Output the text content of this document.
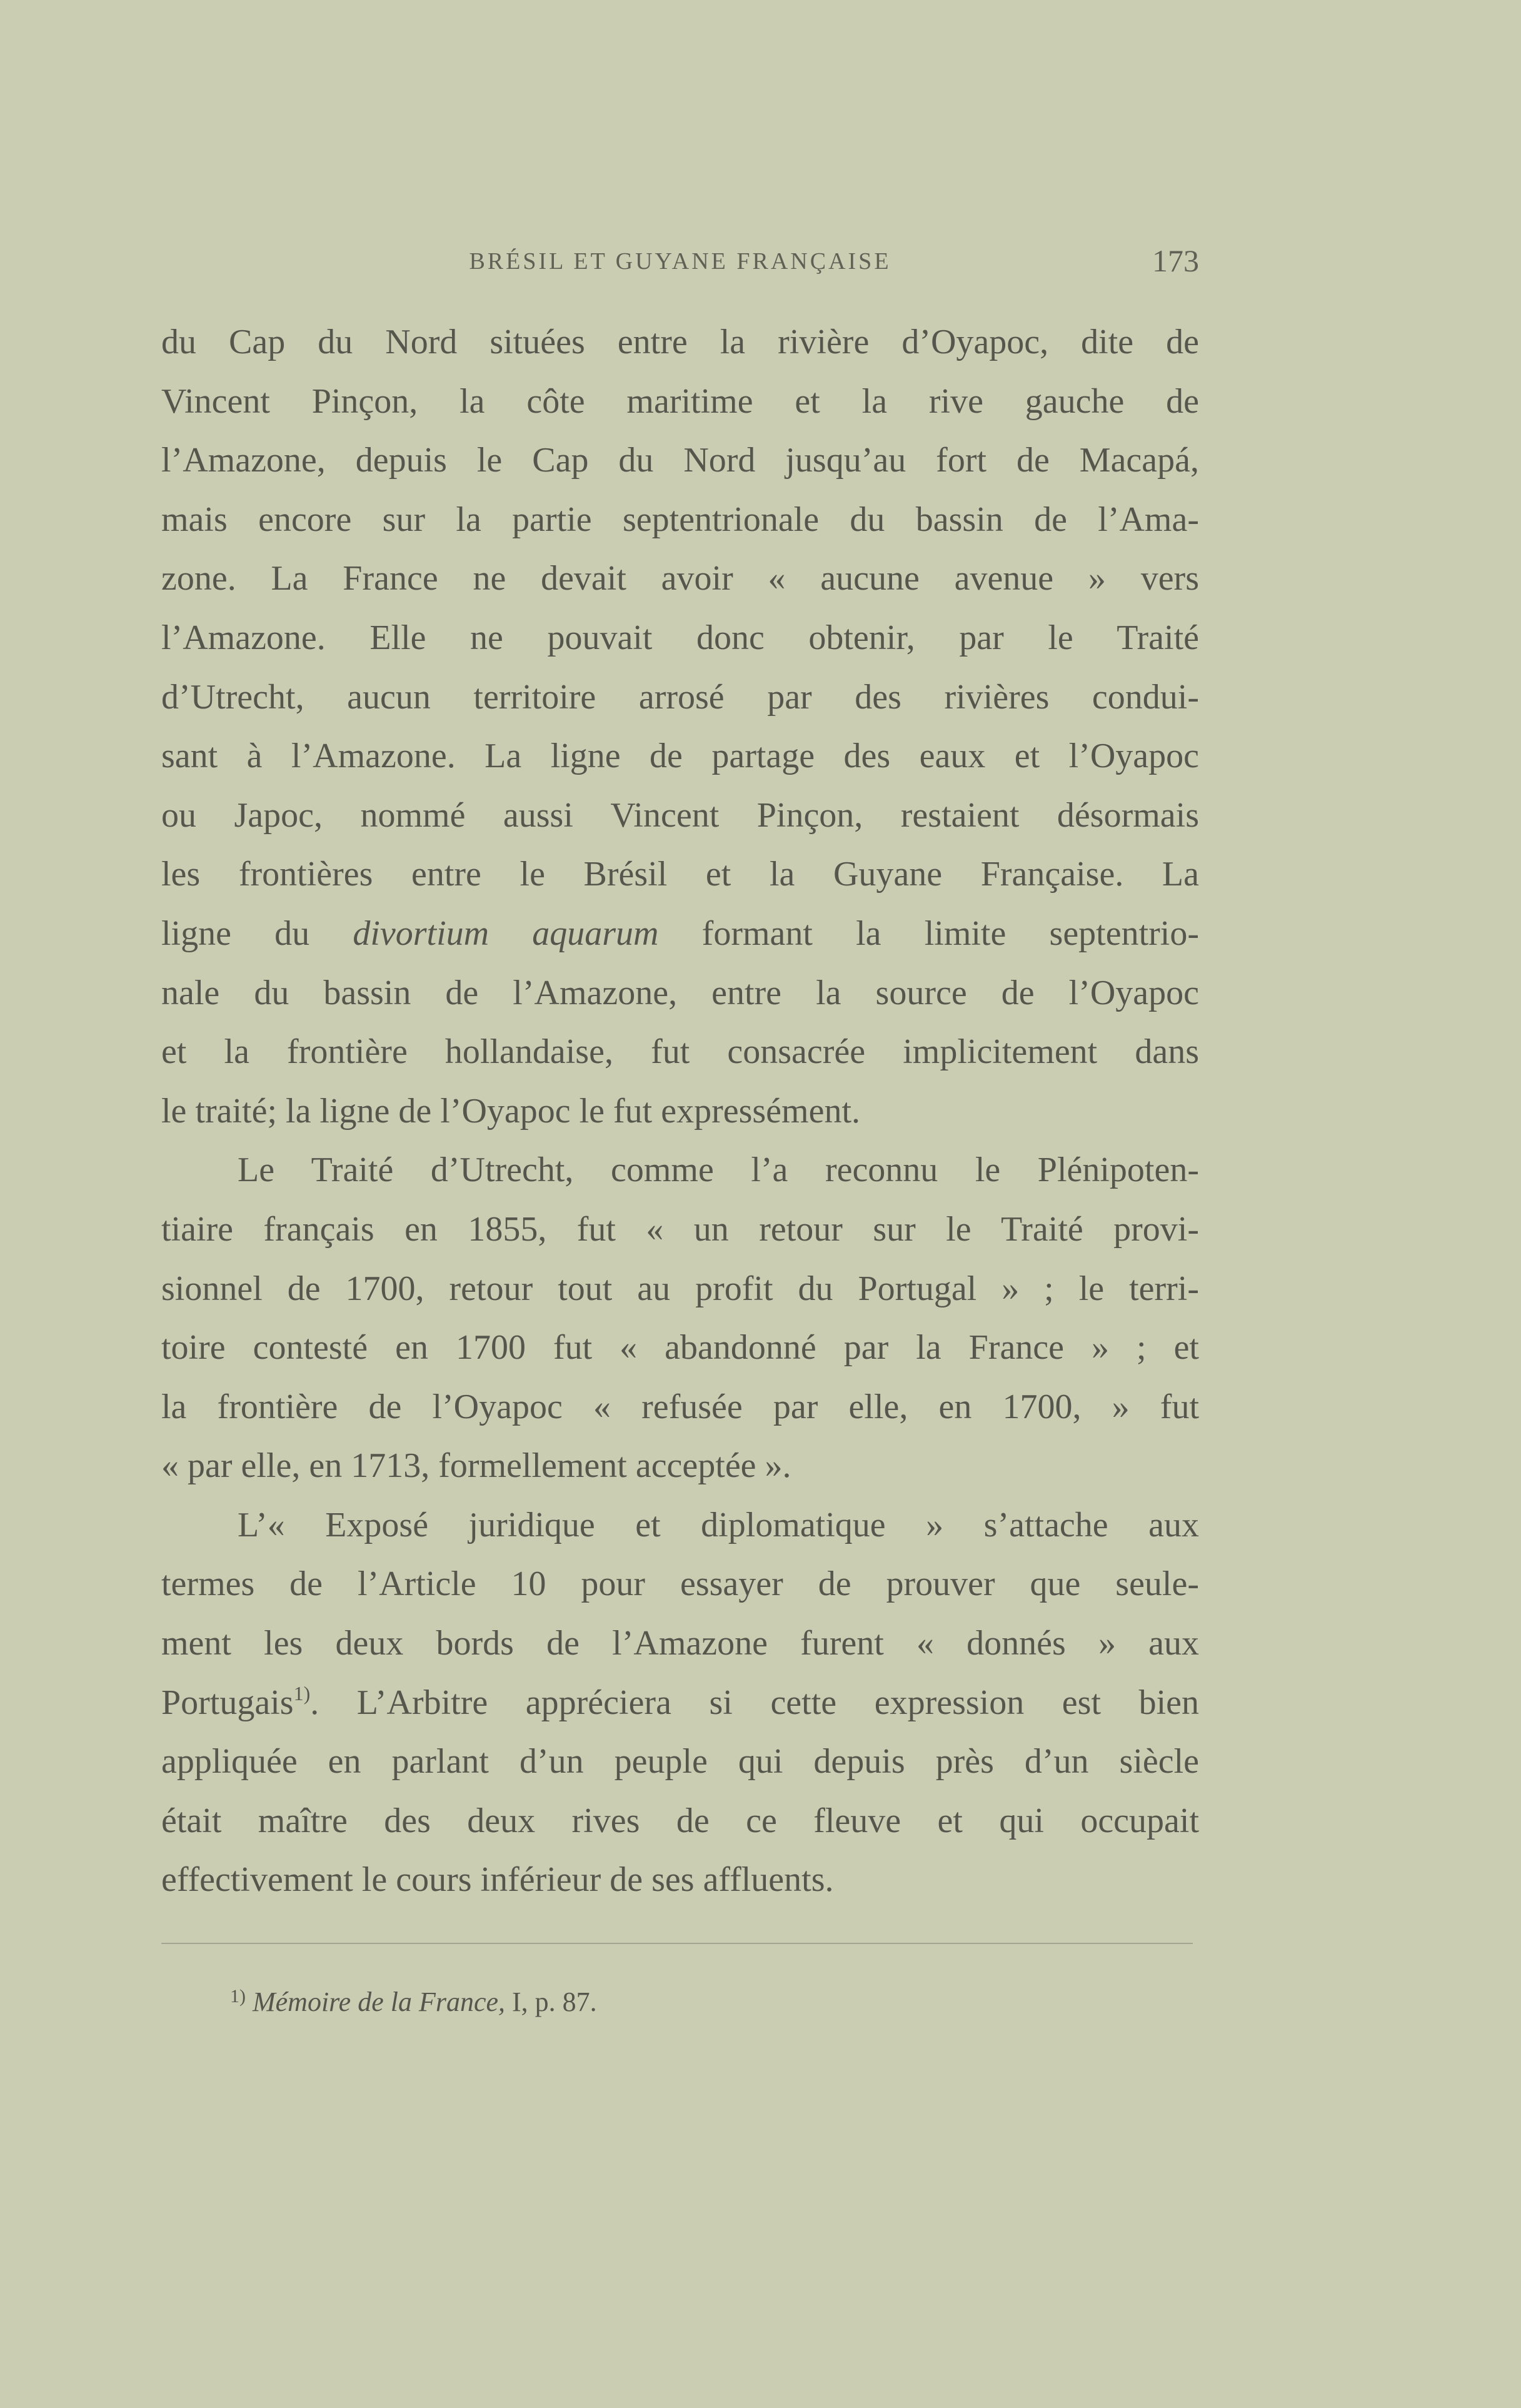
BRÉSIL ET GUYANE FRANÇAISE	173
du Cap du Nord situées entre la rivière d’Oyapoc, dite de
Vincent Pinçon, la côte maritime et la rive gauche de
l’Amazone, depuis le Cap du Nord jusqu’au fort de Macapá,
mais encore sur la partie septentrionale du bassin de l’Ama-
zone. La France ne devait avoir « aucune avenue » vers
l’Amazone. Elle ne pouvait donc obtenir, par le Traité
d’Utrecht, aucun territoire arrosé par des rivières condui-
sant à l’Amazone. La ligne de partage des eaux et l’Oyapoc
ou Japoc, nommé aussi Vincent Pinçon, restaient désormais
les frontières entre le Brésil et la Guyane Française. La
ligne du divortium aquarum formant la limite septentrio-
nale du bassin de l’Amazone, entre la source de l’Oyapoc
et la frontière hollandaise, fut consacrée implicitement dans
le traité; la ligne de l’Oyapoc le fut expressément.
Le Traité d’Utrecht, comme l’a reconnu le Plénipoten-
tiaire français en 1855, fut « un retour sur le Traité provi-
sionnel de 1700, retour tout au profit du Portugal » ; le terri-
toire contesté en 1700 fut « abandonné par la France » ; et
la frontière de l’Oyapoc « refusée par elle, en 1700, » fut
« par elle, en 1713, formellement acceptée ».
L’« Exposé juridique et diplomatique » s’attache aux
termes de l’Article 10 pour essayer de prouver que seule-
ment les deux bords de l’Amazone furent « donnés » aux
Portugais$^{1)}$. L’Arbitre appréciera si cette expression est bien
appliquée en parlant d’un peuple qui depuis près d’un siècle
était maître des deux rives de ce fleuve et qui occupait
effectivement le cours inférieur de ses affluents.
$^{1)}$ Mémoire de la France, I, p. 87.
